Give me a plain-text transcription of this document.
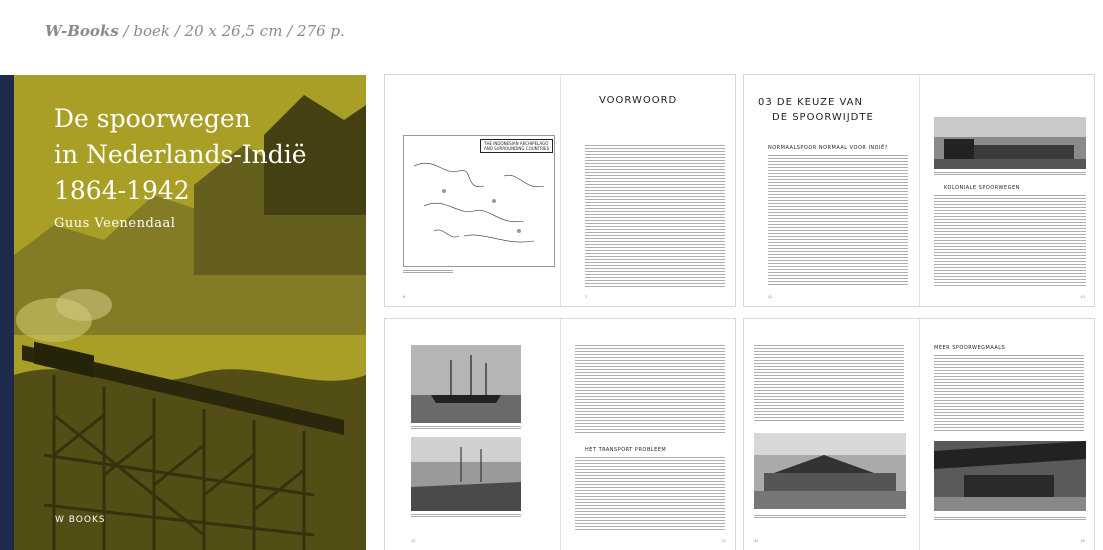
W-Books / boek / 20 x 26,5 cm / 276 p.
De spoorwegen
in Nederlands-Indië
1864-1942
Guus Veenendaal
W BOOKS
THE INDONESIAN ARCHIPELAGO
AND SURROUNDING COUNTRIES
6
VOORWOORD
7
03 DE KEUZE VAN
DE SPOORWIJDTE
NORMAALSPOOR NORMAAL VOOR INDIË?
42
KOLONIALE SPOORWEGEN
43
20
HET TRANSPORT PROBLEEM
21	44
MEER SPOORWEGMAALS
45
